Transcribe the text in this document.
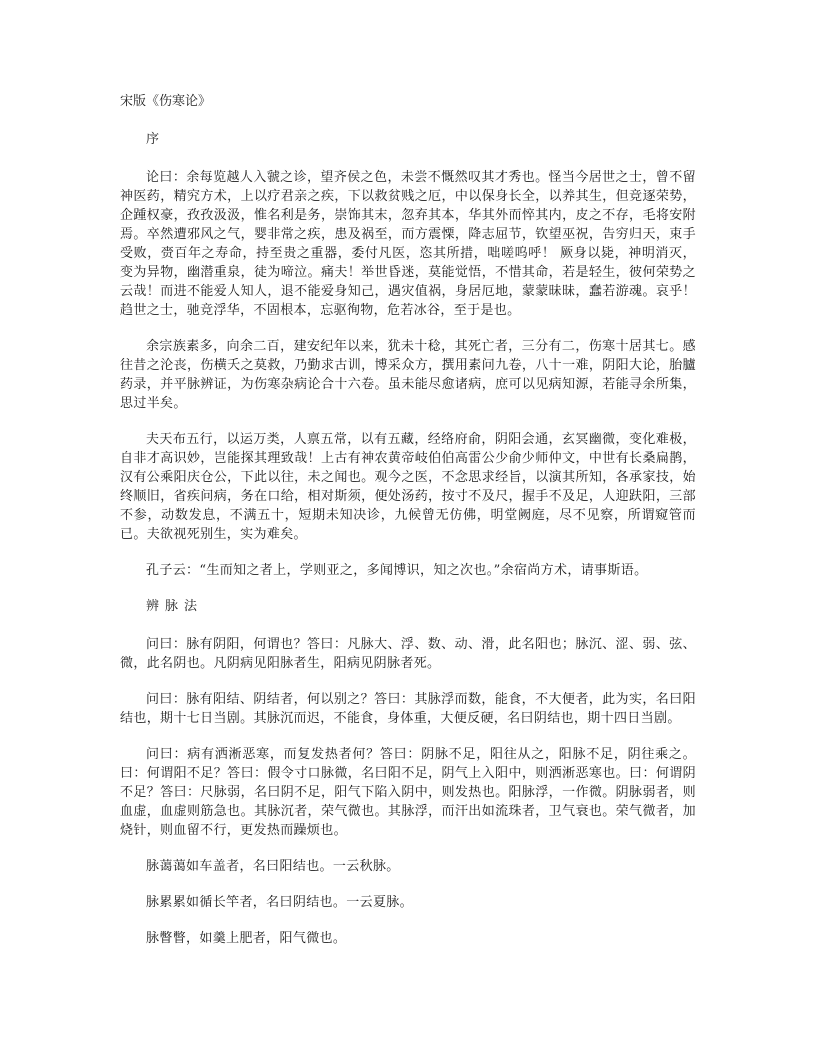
宋版《伤寒论》
序

论曰：余每览越人入虢之诊，望齐侯之色，未尝不慨然叹其才秀也。怪当今居世之士，曾不留神医药，精究方术，上以疗君亲之疾，下以救贫贱之厄，中以保身长全，以养其生，但竞逐荣势，企踵权豪，孜孜汲汲，惟名利是务，崇饰其末，忽弃其本，华其外而悴其内，皮之不存，毛将安附焉。卒然遭邪风之气，婴非常之疾，患及祸至，而方震慄，降志屈节，钦望巫祝，告穷归天，束手受败，赍百年之寿命，持至贵之重器，委付凡医，恣其所措，咄嗟呜呼！ 厥身以毙，神明消灭，变为异物，幽潜重泉，徒为啼泣。痛夫！举世昏迷，莫能觉悟，不惜其命，若是轻生，彼何荣势之云哉！而进不能爱人知人，退不能爱身知己，遇灾值祸，身居厄地，蒙蒙昧昧，蠢若游魂。哀乎！趋世之士，驰竞浮华，不固根本，忘驱徇物，危若冰谷，至于是也。

余宗族素多，向余二百，建安纪年以来，犹未十稔，其死亡者，三分有二，伤寒十居其七。感往昔之沦丧，伤横夭之莫救，乃勤求古训，博采众方，撰用素问九卷，八十一难，阴阳大论，胎臚药录，并平脉辨证，为伤寒杂病论合十六卷。虽未能尽愈诸病，庶可以见病知源，若能寻余所集，思过半矣。

夫天布五行，以运万类，人禀五常，以有五藏，经络府俞，阴阳会通，玄冥幽微，变化难极，自非才高识妙，岂能探其理致哉！上古有神农黄帝岐伯伯高雷公少俞少师仲文，中世有长桑扁鹊，汉有公乘阳庆仓公，下此以往，未之闻也。观今之医，不念思求经旨，以演其所知，各承家技，始终顺旧，省疾问病，务在口给，相对斯须，便处汤药，按寸不及尺，握手不及足，人迎趺阳，三部不参，动数发息，不满五十，短期未知决诊，九候曾无仿佛，明堂阙庭，尽不见察，所谓窥管而已。夫欲视死别生，实为难矣。

孔子云：“生而知之者上，学则亚之，多闻博识，知之次也。”余宿尚方术，请事斯语。

辨脉法

问曰：脉有阴阳，何谓也？答曰：凡脉大、浮、数、动、滑，此名阳也；脉沉、涩、弱、弦、微，此名阴也。凡阴病见阳脉者生，阳病见阴脉者死。

问曰：脉有阳结、阴结者，何以别之？答曰：其脉浮而数，能食，不大便者，此为实，名曰阳结也，期十七日当剧。其脉沉而迟，不能食，身体重，大便反硬，名曰阴结也，期十四日当剧。

问曰：病有洒淅恶寒，而复发热者何？答曰：阴脉不足，阳往从之，阳脉不足，阴往乘之。曰：何谓阳不足？答曰：假令寸口脉微，名曰阳不足，阴气上入阳中，则洒淅恶寒也。曰：何谓阴不足？答曰：尺脉弱，名曰阴不足，阳气下陷入阴中，则发热也。阳脉浮，一作微。阴脉弱者，则血虚，血虚则筋急也。其脉沉者，荣气微也。其脉浮，而汗出如流珠者，卫气衰也。荣气微者，加烧针，则血留不行，更发热而躁烦也。

脉蔼蔼如车盖者，名曰阳结也。一云秋脉。

脉累累如循长竿者，名曰阴结也。一云夏脉。

脉瞥瞥，如羹上肥者，阳气微也。
